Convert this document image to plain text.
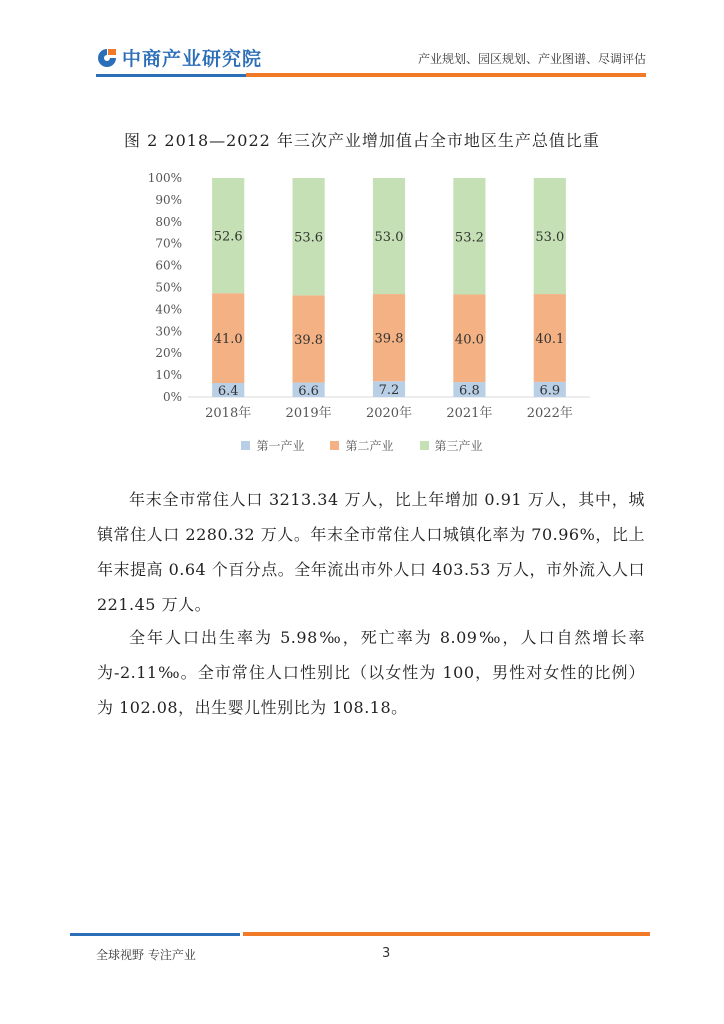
中商产业研究院	产业规划、园区规划、产业图谱、尽调评估
图 2 2018—2022 年三次产业增加值占全市地区生产总值比重
0%
10%
20%
30%
40%
50%
60%
70%
80%
90%
100%
6.4
41.0
52.6
2018年
6.6
39.8
53.6
2019年
7.2
39.8
53.0
2020年
6.8
40.0
53.2
2021年
6.9
40.1
53.0
2022年
第一产业	第二产业	第三产业

年末全市常住人口 3213.34 万人，比上年增加 0.91 万人，其中，城镇常住人口 2280.32 万人。年末全市常住人口城镇化率为 70.96%，比上年末提高 0.64 个百分点。全年流出市外人口 403.53 万人，市外流入人口 221.45 万人。

全年人口出生率为 5.98‰，死亡率为 8.09‰，人口自然增长率为-2.11‰。全市常住人口性别比（以女性为 100，男性对女性的比例）为 102.08，出生婴儿性别比为 108.18。

全球视野 专注产业	3
